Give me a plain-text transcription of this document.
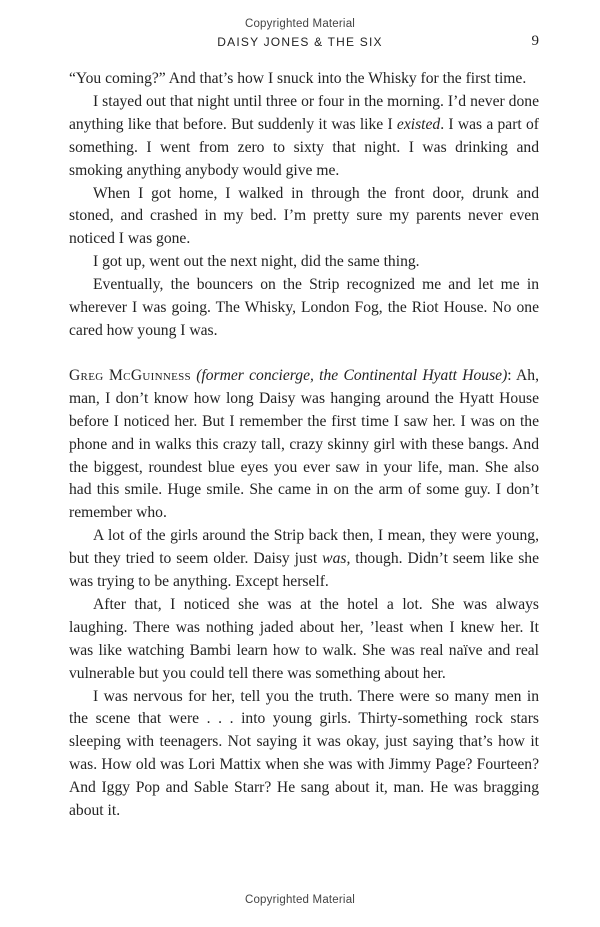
Copyrighted Material
DAISY JONES & THE SIX	9

“You coming?” And that’s how I snuck into the Whisky for the first time.

I stayed out that night until three or four in the morning. I’d never done anything like that before. But suddenly it was like I existed. I was a part of something. I went from zero to sixty that night. I was drinking and smoking anything anybody would give me.

When I got home, I walked in through the front door, drunk and stoned, and crashed in my bed. I’m pretty sure my parents never even noticed I was gone.

I got up, went out the next night, did the same thing.

Eventually, the bouncers on the Strip recognized me and let me in wherever I was going. The Whisky, London Fog, the Riot House. No one cared how young I was.

Greg McGuinness (former concierge, the Continental Hyatt House): Ah, man, I don’t know how long Daisy was hanging around the Hyatt House before I noticed her. But I remember the first time I saw her. I was on the phone and in walks this crazy tall, crazy skinny girl with these bangs. And the biggest, roundest blue eyes you ever saw in your life, man. She also had this smile. Huge smile. She came in on the arm of some guy. I don’t remember who.

A lot of the girls around the Strip back then, I mean, they were young, but they tried to seem older. Daisy just was, though. Didn’t seem like she was trying to be anything. Except herself.

After that, I noticed she was at the hotel a lot. She was always laughing. There was nothing jaded about her, ’least when I knew her. It was like watching Bambi learn how to walk. She was real naïve and real vulnerable but you could tell there was something about her.

I was nervous for her, tell you the truth. There were so many men in the scene that were . . . into young girls. Thirty-something rock stars sleeping with teenagers. Not saying it was okay, just saying that’s how it was. How old was Lori Mattix when she was with Jimmy Page? Fourteen? And Iggy Pop and Sable Starr? He sang about it, man. He was bragging about it.

Copyrighted Material
